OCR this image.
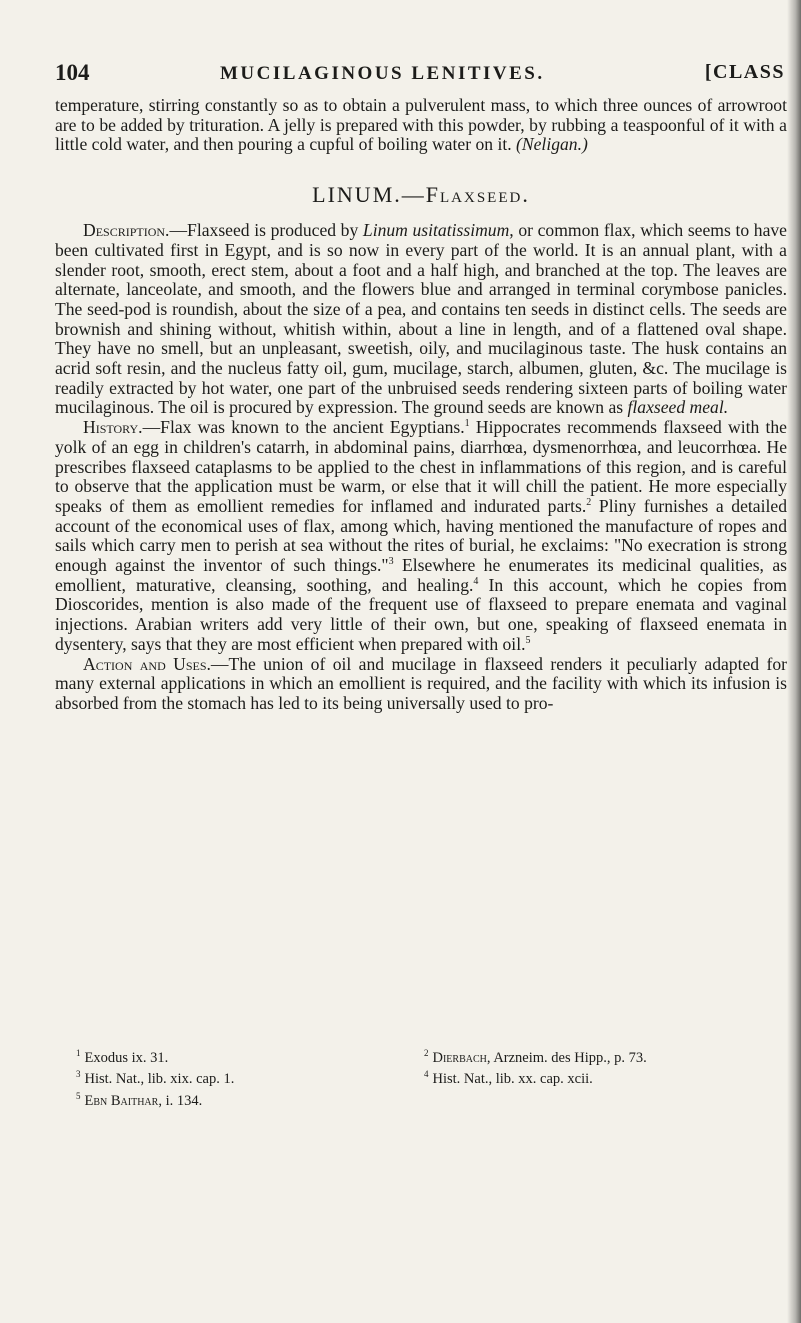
104	MUCILAGINOUS LENITIVES.	[CLASS

temperature, stirring constantly so as to obtain a pulverulent mass, to which three ounces of arrowroot are to be added by trituration. A jelly is prepared with this powder, by rubbing a teaspoonful of it with a little cold water, and then pouring a cupful of boiling water on it. (Neligan.)

LINUM.—Flaxseed.

Description.—Flaxseed is produced by Linum usitatissimum, or common flax, which seems to have been cultivated first in Egypt, and is so now in every part of the world. It is an annual plant, with a slender root, smooth, erect stem, about a foot and a half high, and branched at the top. The leaves are alternate, lanceolate, and smooth, and the flowers blue and arranged in terminal corymbose panicles. The seed-pod is roundish, about the size of a pea, and contains ten seeds in distinct cells. The seeds are brownish and shining without, whitish within, about a line in length, and of a flattened oval shape. They have no smell, but an unpleasant, sweetish, oily, and mucilaginous taste. The husk contains an acrid soft resin, and the nucleus fatty oil, gum, mucilage, starch, albumen, gluten, &c. The mucilage is readily extracted by hot water, one part of the unbruised seeds rendering sixteen parts of boiling water mucilaginous. The oil is procured by expression. The ground seeds are known as flaxseed meal.

History.—Flax was known to the ancient Egyptians.$^1$ Hippocrates recommends flaxseed with the yolk of an egg in children's catarrh, in abdominal pains, diarrhœa, dysmenorrhœa, and leucorrhœa. He prescribes flaxseed cataplasms to be applied to the chest in inflammations of this region, and is careful to observe that the application must be warm, or else that it will chill the patient. He more especially speaks of them as emollient remedies for inflamed and indurated parts.$^2$ Pliny furnishes a detailed account of the economical uses of flax, among which, having mentioned the manufacture of ropes and sails which carry men to perish at sea without the rites of burial, he exclaims: "No execration is strong enough against the inventor of such things."$^3$ Elsewhere he enumerates its medicinal qualities, as emollient, maturative, cleansing, soothing, and healing.$^4$ In this account, which he copies from Dioscorides, mention is also made of the frequent use of flaxseed to prepare enemata and vaginal injections. Arabian writers add very little of their own, but one, speaking of flaxseed enemata in dysentery, says that they are most efficient when prepared with oil.$^5$

Action and Uses.—The union of oil and mucilage in flaxseed renders it peculiarly adapted for many external applications in which an emollient is required, and the facility with which its infusion is absorbed from the stomach has led to its being universally used to pro-

$^1$ Exodus ix. 31.	$^2$ Dierbach, Arzneim. des Hipp., p. 73.
$^3$ Hist. Nat., lib. xix. cap. 1.	$^4$ Hist. Nat., lib. xx. cap. xcii.
$^5$ Ebn Baithar, i. 134.
